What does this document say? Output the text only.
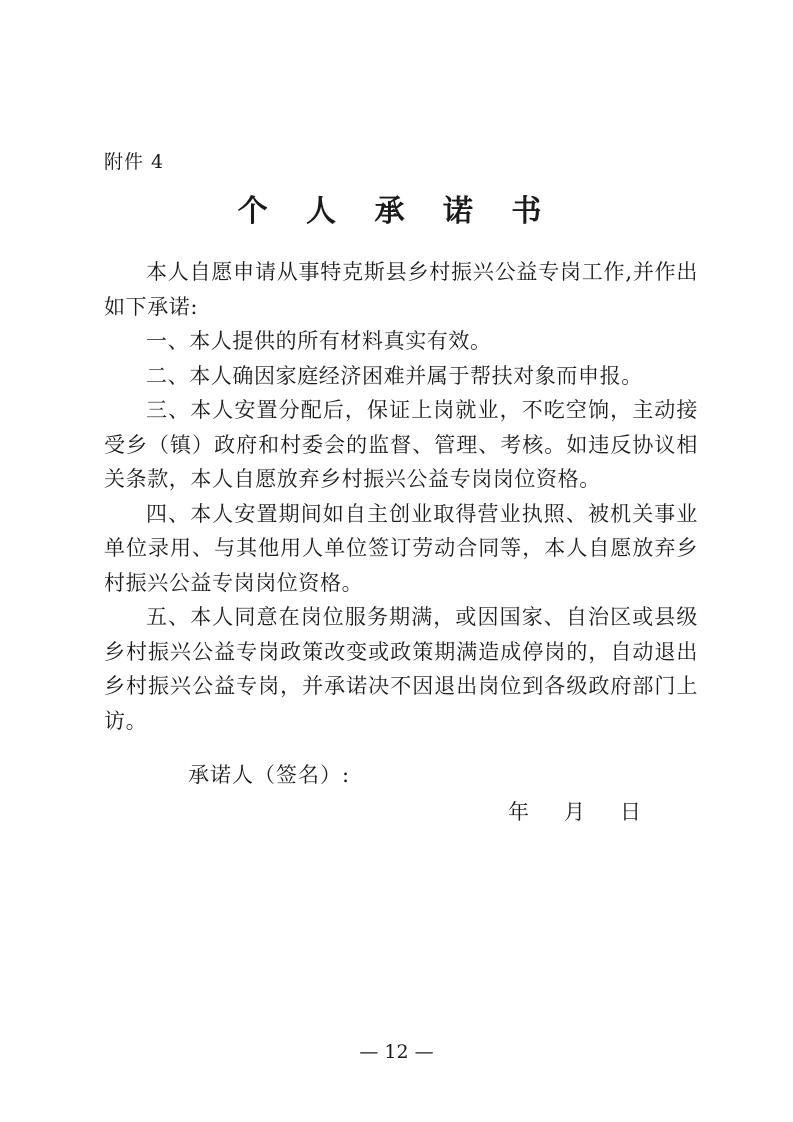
附件 4
个 人 承 诺 书

本人自愿申请从事特克斯县乡村振兴公益专岗工作,并作出如下承诺:

一、本人提供的所有材料真实有效。

二、本人确因家庭经济困难并属于帮扶对象而申报。

三、本人安置分配后，保证上岗就业，不吃空饷，主动接受乡（镇）政府和村委会的监督、管理、考核。如违反协议相关条款，本人自愿放弃乡村振兴公益专岗岗位资格。

四、本人安置期间如自主创业取得营业执照、被机关事业单位录用、与其他用人单位签订劳动合同等，本人自愿放弃乡村振兴公益专岗岗位资格。

五、本人同意在岗位服务期满，或因国家、自治区或县级乡村振兴公益专岗政策改变或政策期满造成停岗的，自动退出乡村振兴公益专岗，并承诺决不因退出岗位到各级政府部门上访。

承诺人（签名）:
年 月 日
— 12 —
